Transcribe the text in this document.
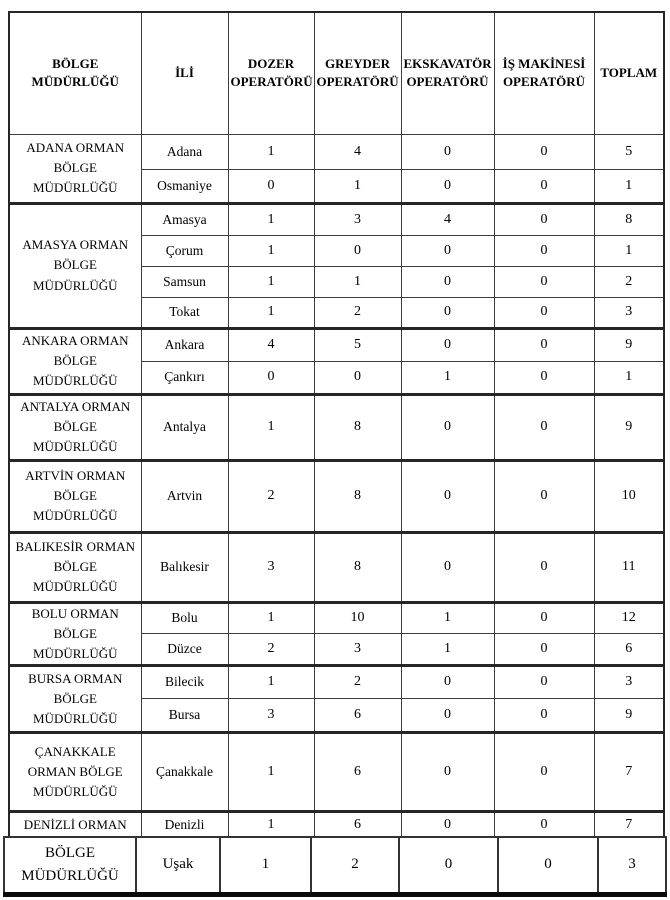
BÖLGE
MÜDÜRLÜĞÜ	İLİ	DOZER
OPERATÖRÜ	GREYDER
OPERATÖRÜ	EKSKAVATÖR
OPERATÖRÜ	İŞ MAKİNESİ
OPERATÖRÜ	TOPLAM

ADANA ORMAN
BÖLGE
MÜDÜRLÜĞÜ	Adana	1	4	0	0	5
	Osmaniye	0	1	0	0	1

AMASYA ORMAN
BÖLGE
MÜDÜRLÜĞÜ	Amasya	1	3	4	0	8
	Çorum	1	0	0	0	1
	Samsun	1	1	0	0	2
	Tokat	1	2	0	0	3

ANKARA ORMAN
BÖLGE
MÜDÜRLÜĞÜ	Ankara	4	5	0	0	9
	Çankırı	0	0	1	0	1

ANTALYA ORMAN
BÖLGE
MÜDÜRLÜĞÜ	Antalya	1	8	0	0	9

ARTVİN ORMAN
BÖLGE
MÜDÜRLÜĞÜ	Artvin	2	8	0	0	10

BALIKESİR ORMAN
BÖLGE
MÜDÜRLÜĞÜ	Balıkesir	3	8	0	0	11

BOLU ORMAN
BÖLGE
MÜDÜRLÜĞÜ	Bolu	1	10	1	0	12
	Düzce	2	3	1	0	6

BURSA ORMAN
BÖLGE
MÜDÜRLÜĞÜ	Bilecik	1	2	0	0	3
	Bursa	3	6	0	0	9

ÇANAKKALE
ORMAN BÖLGE
MÜDÜRLÜĞÜ	Çanakkale	1	6	0	0	7

DENİZLİ ORMAN	Denizli	1	6	0	0	7
BÖLGE
MÜDÜRLÜĞÜ
	Uşak	1	2	0	0	3
